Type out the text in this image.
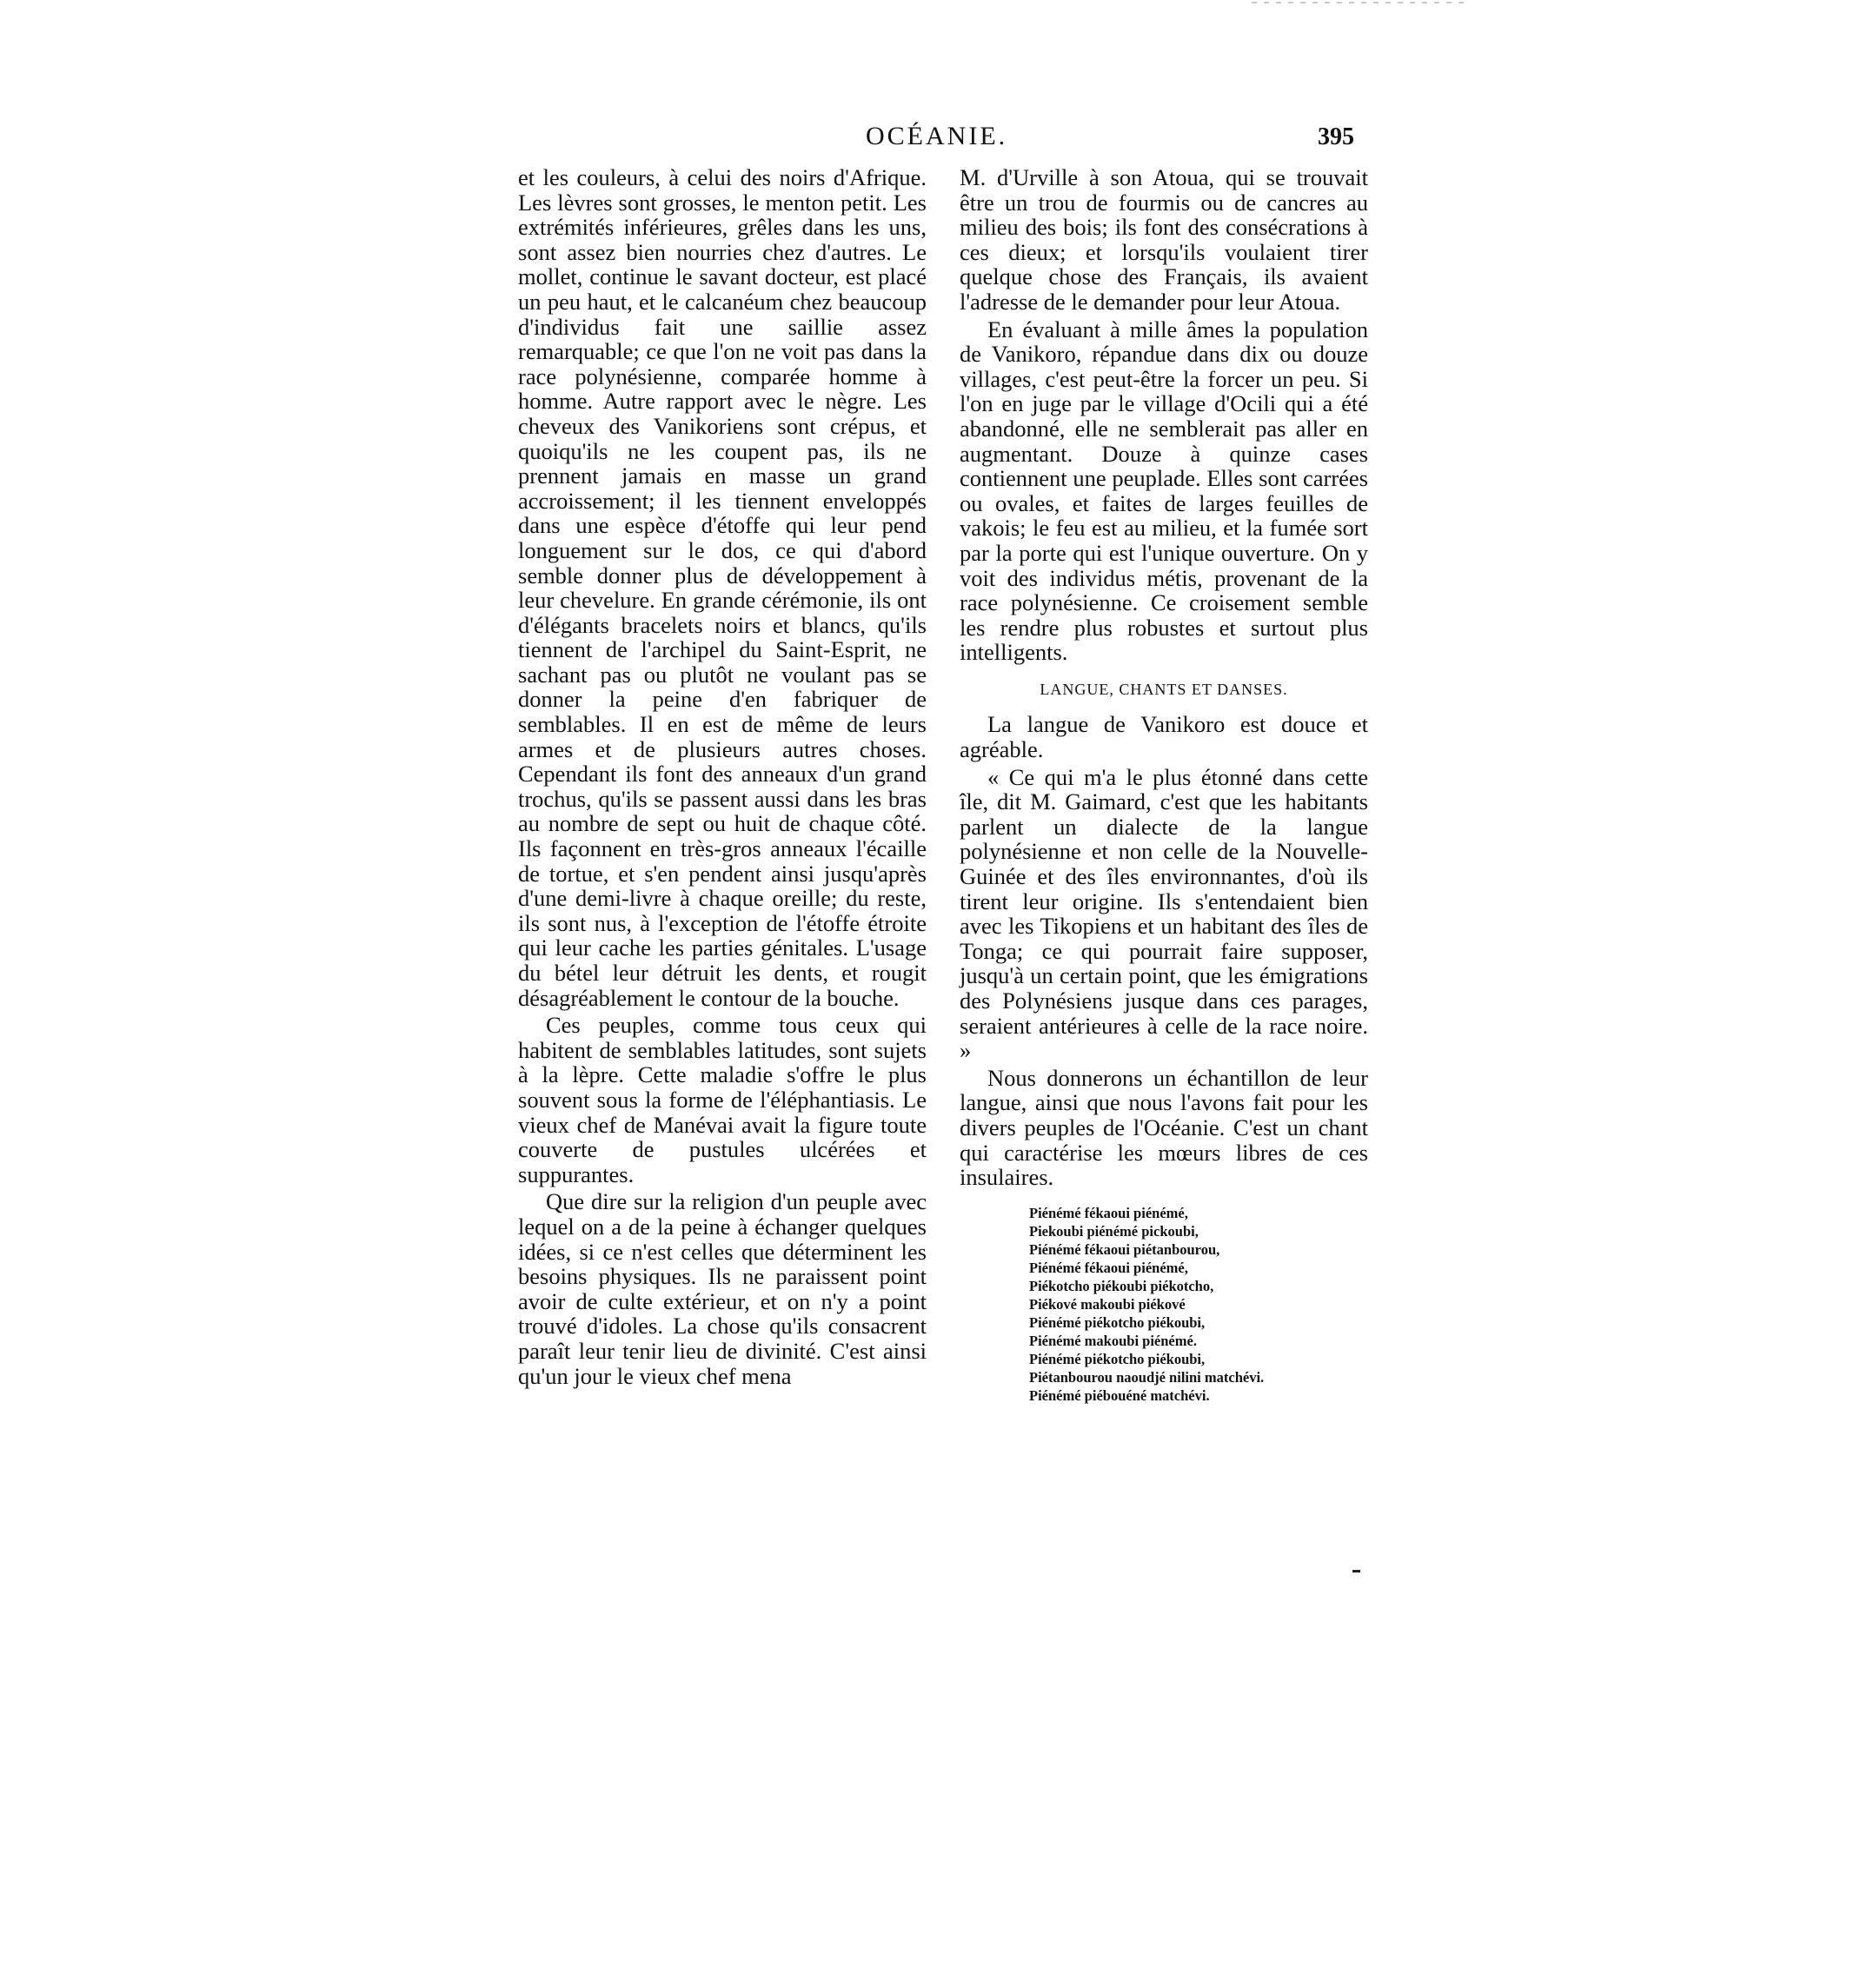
OCÉANIE.	395

et les couleurs, à celui des noirs d'Afrique. Les lèvres sont grosses, le menton petit. Les extrémités inférieures, grêles dans les uns, sont assez bien nourries chez d'autres. Le mollet, continue le savant docteur, est placé un peu haut, et le calcanéum chez beaucoup d'individus fait une saillie assez remarquable; ce que l'on ne voit pas dans la race polynésienne, comparée homme à homme. Autre rapport avec le nègre. Les cheveux des Vanikoriens sont crépus, et quoiqu'ils ne les coupent pas, ils ne prennent jamais en masse un grand accroissement; il les tiennent enveloppés dans une espèce d'étoffe qui leur pend longuement sur le dos, ce qui d'abord semble donner plus de développement à leur chevelure. En grande cérémonie, ils ont d'élégants bracelets noirs et blancs, qu'ils tiennent de l'archipel du Saint-Esprit, ne sachant pas ou plutôt ne voulant pas se donner la peine d'en fabriquer de semblables. Il en est de même de leurs armes et de plusieurs autres choses. Cependant ils font des anneaux d'un grand trochus, qu'ils se passent aussi dans les bras au nombre de sept ou huit de chaque côté. Ils façonnent en très-gros anneaux l'écaille de tortue, et s'en pendent ainsi jusqu'après d'une demi-livre à chaque oreille; du reste, ils sont nus, à l'exception de l'étoffe étroite qui leur cache les parties génitales. L'usage du bétel leur détruit les dents, et rougit désagréablement le contour de la bouche.

Ces peuples, comme tous ceux qui habitent de semblables latitudes, sont sujets à la lèpre. Cette maladie s'offre le plus souvent sous la forme de l'éléphantiasis. Le vieux chef de Manévai avait la figure toute couverte de pustules ulcérées et suppurantes.

Que dire sur la religion d'un peuple avec lequel on a de la peine à échanger quelques idées, si ce n'est celles que déterminent les besoins physiques. Ils ne paraissent point avoir de culte extérieur, et on n'y a point trouvé d'idoles. La chose qu'ils consacrent paraît leur tenir lieu de divinité. C'est ainsi qu'un jour le vieux chef mena

M. d'Urville à son Atoua, qui se trouvait être un trou de fourmis ou de cancres au milieu des bois; ils font des consécrations à ces dieux; et lorsqu'ils voulaient tirer quelque chose des Français, ils avaient l'adresse de le demander pour leur Atoua.

En évaluant à mille âmes la population de Vanikoro, répandue dans dix ou douze villages, c'est peut-être la forcer un peu. Si l'on en juge par le village d'Ocili qui a été abandonné, elle ne semblerait pas aller en augmentant. Douze à quinze cases contiennent une peuplade. Elles sont carrées ou ovales, et faites de larges feuilles de vakois; le feu est au milieu, et la fumée sort par la porte qui est l'unique ouverture. On y voit des individus métis, provenant de la race polynésienne. Ce croisement semble les rendre plus robustes et surtout plus intelligents.

LANGUE, CHANTS ET DANSES.

La langue de Vanikoro est douce et agréable.

« Ce qui m'a le plus étonné dans cette île, dit M. Gaimard, c'est que les habitants parlent un dialecte de la langue polynésienne et non celle de la Nouvelle-Guinée et des îles environnantes, d'où ils tirent leur origine. Ils s'entendaient bien avec les Tikopiens et un habitant des îles de Tonga; ce qui pourrait faire supposer, jusqu'à un certain point, que les émigrations des Polynésiens jusque dans ces parages, seraient antérieures à celle de la race noire. »

Nous donnerons un échantillon de leur langue, ainsi que nous l'avons fait pour les divers peuples de l'Océanie. C'est un chant qui caractérise les mœurs libres de ces insulaires.

Piénémé fékaoui piénémé,
Piekoubi piénémé pickoubi,
Piénémé fékaoui piétanbourou,
Piénémé fékaoui piénémé,
Piékotcho piékoubi piékotcho,
Piékové makoubi piékové
Piénémé piékotcho piékoubi,
Piénémé makoubi piénémé.
Piénémé piékotcho piékoubi,
Piétanbourou naoudjé nilini matchévi.
Piénémé piébouéné matchévi.
